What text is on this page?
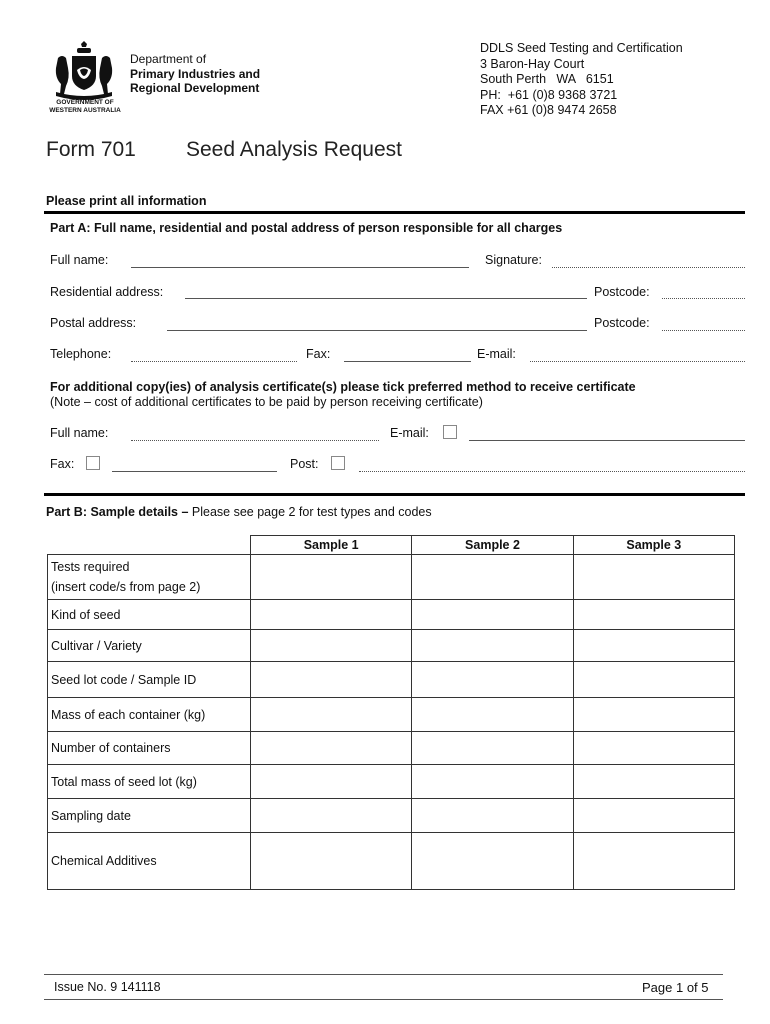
GOVERNMENT OF
WESTERN AUSTRALIA
Department of
Primary Industries and
Regional Development
DDLS Seed Testing and Certification
3 Baron-Hay Court
South Perth   WA   6151
PH:  +61 (0)8 9368 3721
FAX +61 (0)8 9474 2658
Form 701 Seed Analysis Request
Please print all information
Part A: Full name, residential and postal address of person responsible for all charges
Full name:	Signature:
Residential address:	Postcode:
Postal address:	Postcode:
Telephone:	Fax:	E-mail:
For additional copy(ies) of analysis certificate(s) please tick preferred method to receive certificate
(Note – cost of additional certificates to be paid by person receiving certificate)
Full name:	E-mail:
Fax:	Post:
Part B: Sample details – Please see page 2 for test types and codes
	Sample 1	Sample 2	Sample 3

Tests required
(insert code/s from page 2)			

Kind of seed			
Cultivar / Variety			
Seed lot code / Sample ID			
Mass of each container (kg)			
Number of containers			
Total mass of seed lot (kg)			
Sampling date			
Chemical Additives			
Issue No. 9 141118	Page 1 of 5
